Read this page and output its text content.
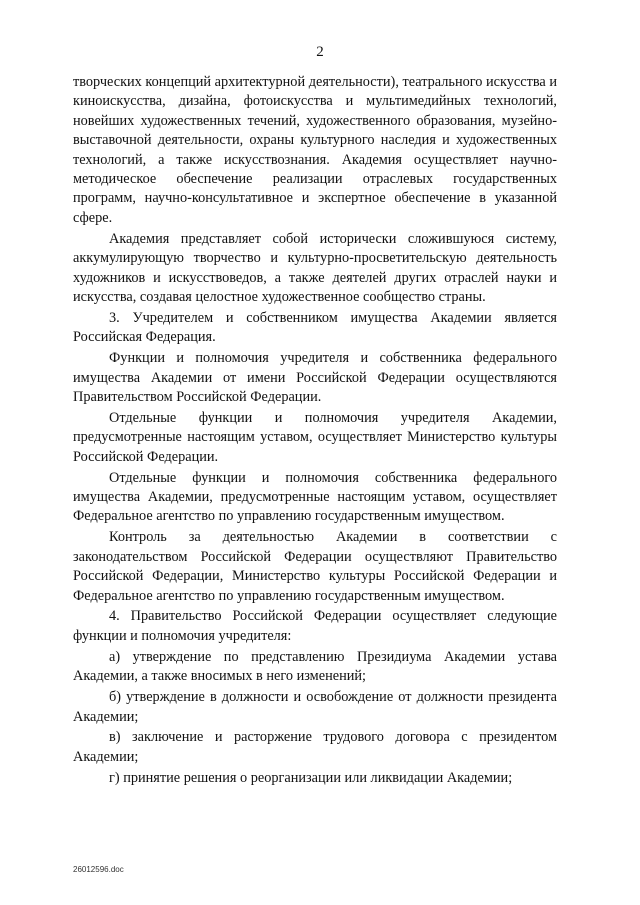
2

творческих концепций архитектурной деятельности), театрального искусства и киноискусства, дизайна, фотоискусства и мультимедийных технологий, новейших художественных течений, художественного образования, музейно-выставочной деятельности, охраны культурного наследия и художественных технологий, а также искусствознания. Академия осуществляет научно-методическое обеспечение реализации отраслевых государственных программ, научно-консультативное и экспертное обеспечение в указанной сфере.

Академия представляет собой исторически сложившуюся систему, аккумулирующую творчество и культурно-просветительскую деятельность художников и искусствоведов, а также деятелей других отраслей науки и искусства, создавая целостное художественное сообщество страны.

3. Учредителем и собственником имущества Академии является Российская Федерация.

Функции и полномочия учредителя и собственника федерального имущества Академии от имени Российской Федерации осуществляются Правительством Российской Федерации.

Отдельные функции и полномочия учредителя Академии, предусмотренные настоящим уставом, осуществляет Министерство культуры Российской Федерации.

Отдельные функции и полномочия собственника федерального имущества Академии, предусмотренные настоящим уставом, осуществляет Федеральное агентство по управлению государственным имуществом.

Контроль за деятельностью Академии в соответствии с законодательством Российской Федерации осуществляют Правительство Российской Федерации, Министерство культуры Российской Федерации и Федеральное агентство по управлению государственным имуществом.

4. Правительство Российской Федерации осуществляет следующие функции и полномочия учредителя:

а) утверждение по представлению Президиума Академии устава Академии, а также вносимых в него изменений;

б) утверждение в должности и освобождение от должности президента Академии;

в) заключение и расторжение трудового договора с президентом Академии;

г) принятие решения о реорганизации или ликвидации Академии;

26012596.doc
